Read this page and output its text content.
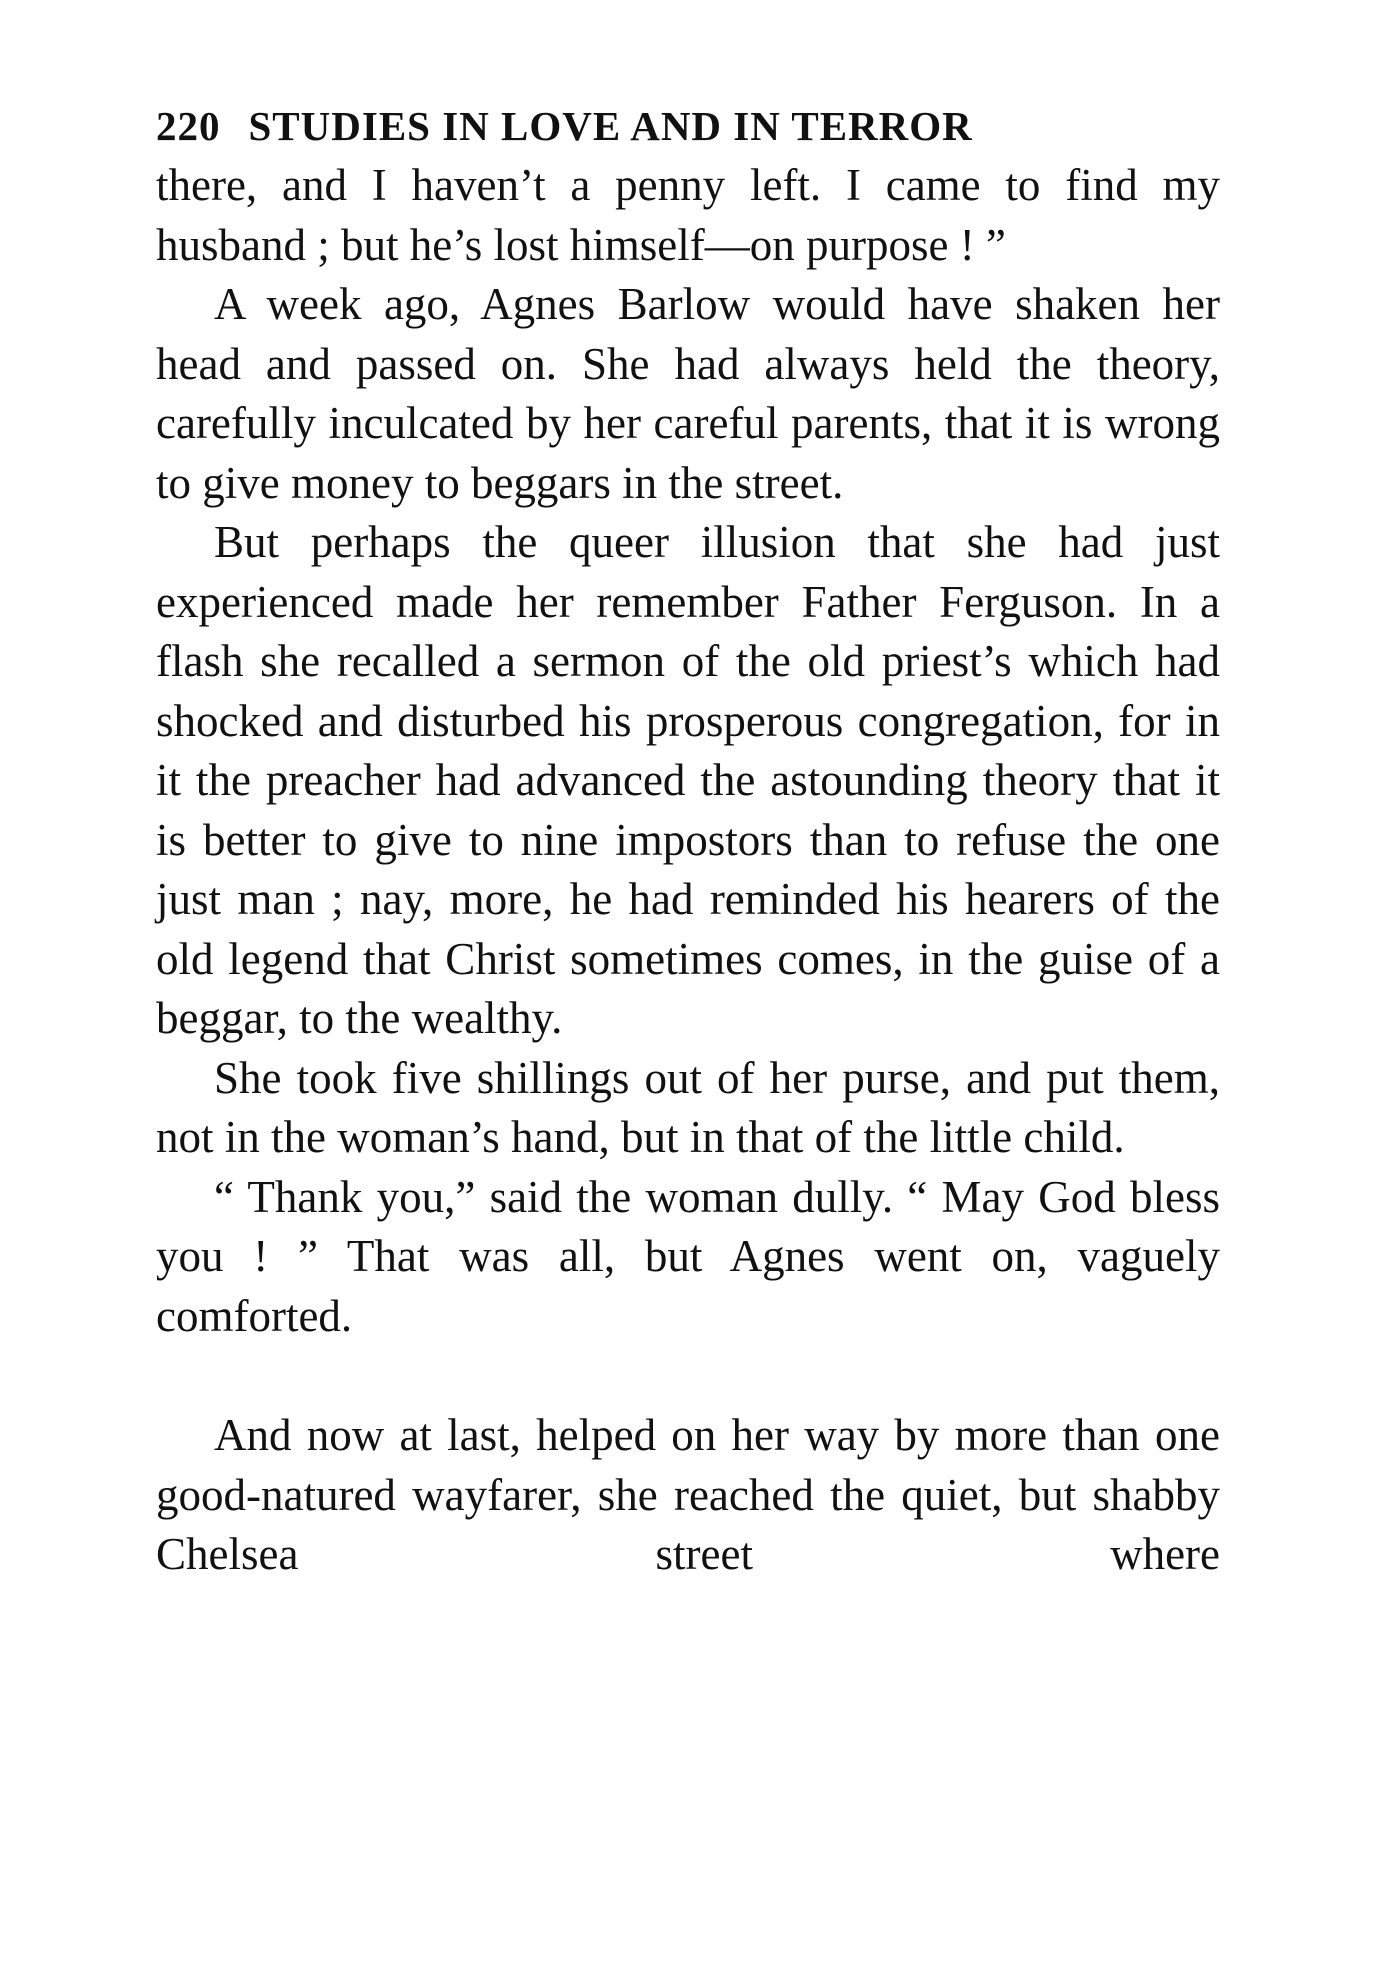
220 STUDIES IN LOVE AND IN TERROR

there, and I haven’t a penny left. I came to find my husband ; but he’s lost himself—on purpose ! ”

A week ago, Agnes Barlow would have shaken her head and passed on. She had always held the theory, carefully inculcated by her careful parents, that it is wrong to give money to beggars in the street.

But perhaps the queer illusion that she had just experienced made her remember Father Ferguson. In a flash she recalled a sermon of the old priest’s which had shocked and disturbed his prosperous congregation, for in it the preacher had advanced the astounding theory that it is better to give to nine impostors than to refuse the one just man ; nay, more, he had reminded his hearers of the old legend that Christ sometimes comes, in the guise of a beggar, to the wealthy.

She took five shillings out of her purse, and put them, not in the woman’s hand, but in that of the little child.

“ Thank you,” said the woman dully. “ May God bless you ! ” That was all, but Agnes went on, vaguely comforted.

And now at last, helped on her way by more than one good-natured wayfarer, she reached the quiet, but shabby Chelsea street where
